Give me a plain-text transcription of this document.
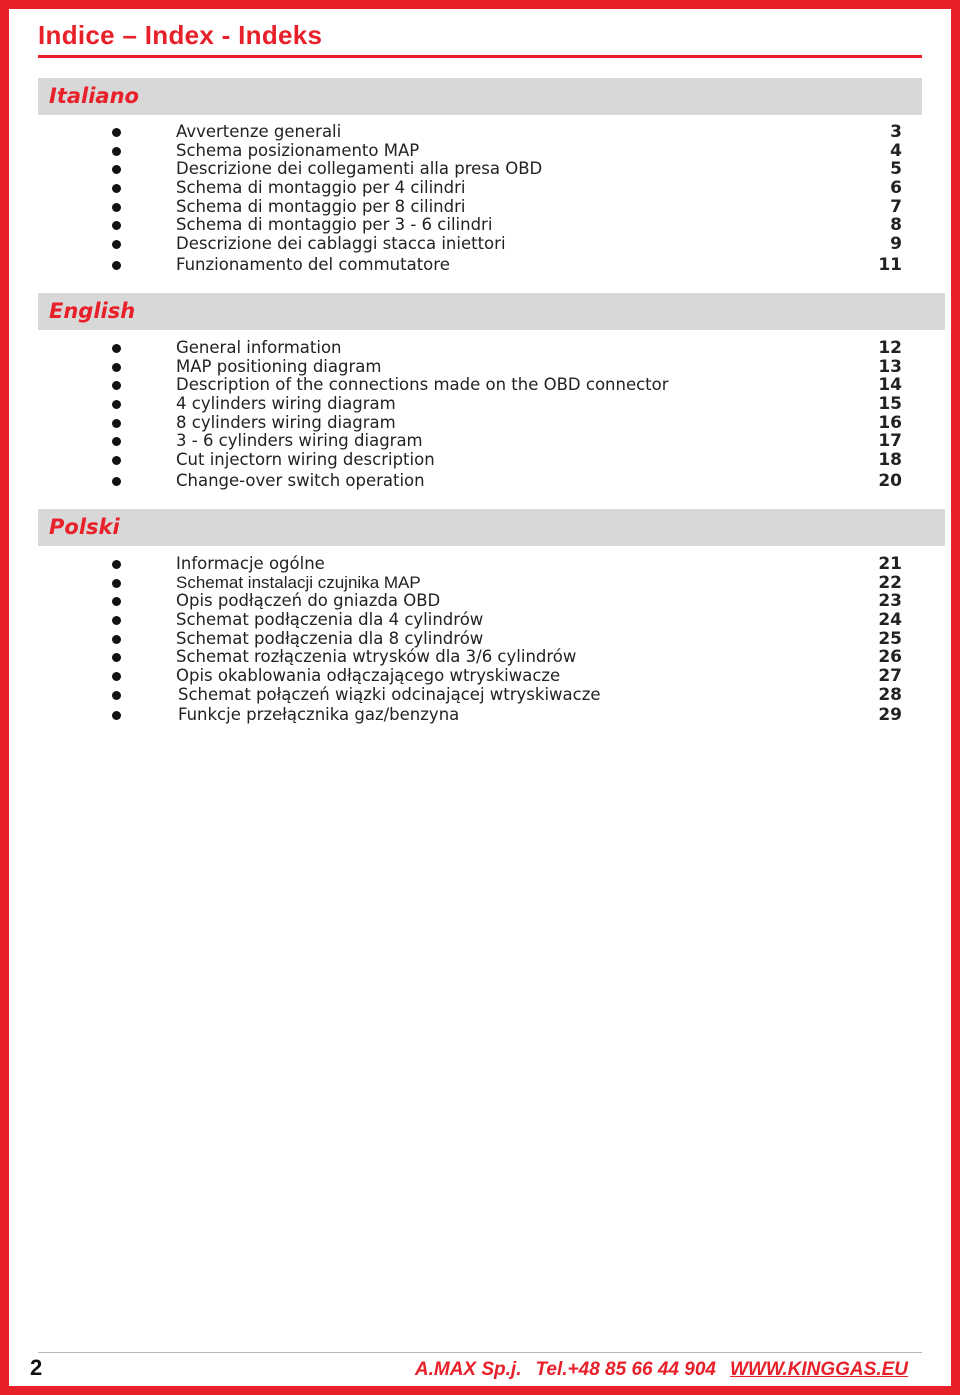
Indice – Index - Indeks
Italiano
Avvertenze generali	3
Schema posizionamento MAP	4
Descrizione dei collegamenti alla presa OBD	5
Schema di montaggio per 4 cilindri	6
Schema di montaggio per 8 cilindri	7
Schema di montaggio per 3 - 6 cilindri	8
Descrizione dei cablaggi stacca iniettori	9
Funzionamento del commutatore	11
English
General information	12
MAP positioning diagram	13
Description of the connections made on the OBD connector	14
4 cylinders wiring diagram	15
8 cylinders wiring diagram	16
3 - 6 cylinders wiring diagram	17
Cut injectorn wiring description	18
Change-over switch operation	20
Polski
Informacje ogólne	21
Schemat instalacji czujnika MAP	22
Opis podłączeń do gniazda OBD	23
Schemat podłączenia dla 4 cylindrów	24
Schemat podłączenia dla 8 cylindrów	25
Schemat rozłączenia wtrysków dla 3/6 cylindrów	26
Opis okablowania odłączającego wtryskiwacze	27
Schemat połączeń wiązki odcinającej wtryskiwacze	28
Funkcje przełącznika gaz/benzyna	29
2	A.MAX Sp.j. Tel.+48 85 66 44 904 WWW.KINGGAS.EU
